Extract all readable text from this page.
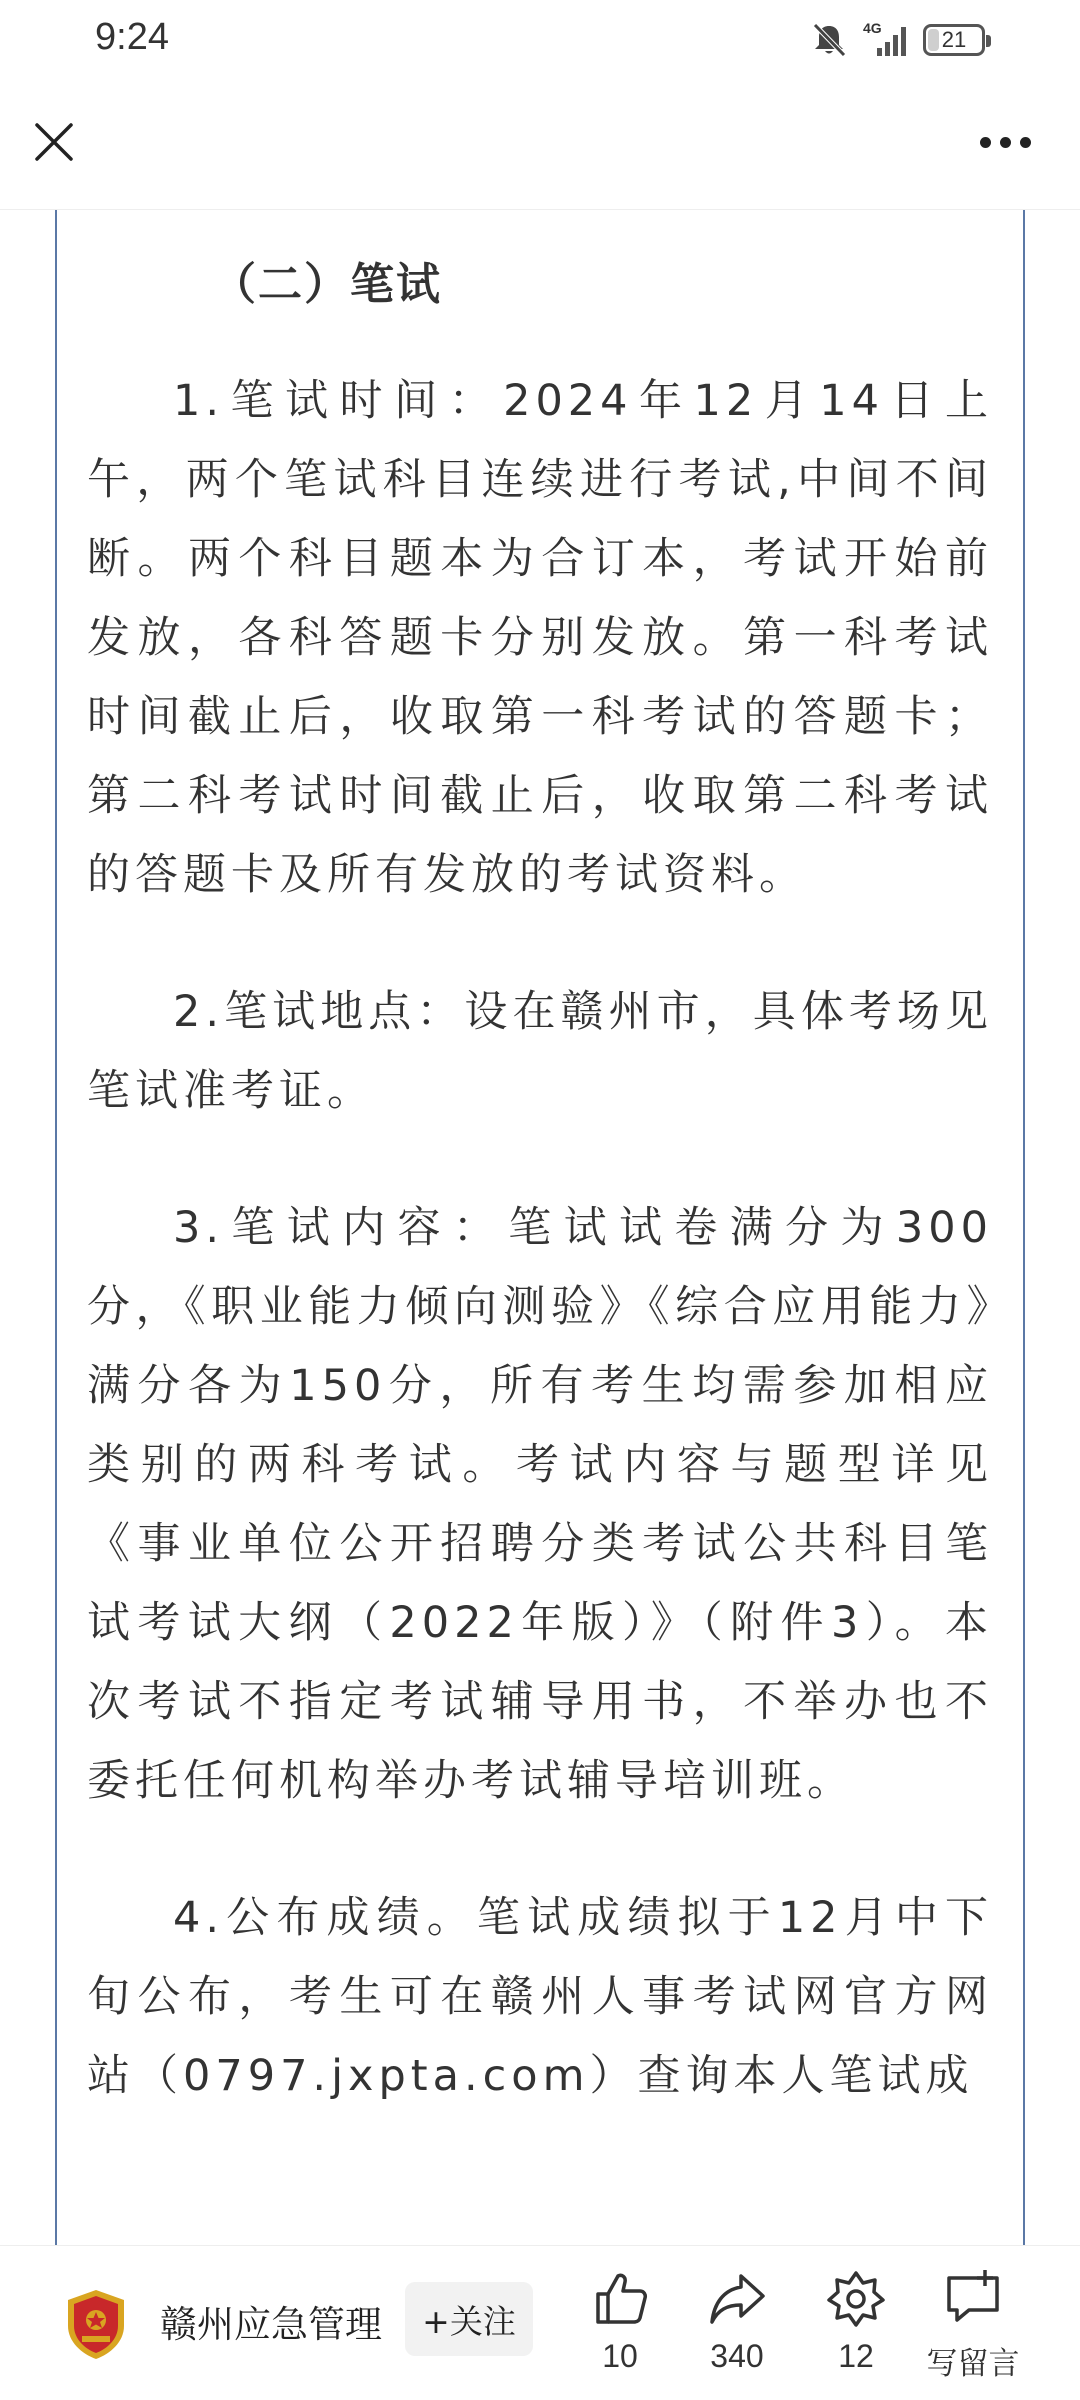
9:24	4G	21
（二）笔试

1.笔试时间：2024年12月14日上午，两个笔试科目连续进行考试,中间不间断。两个科目题本为合订本，考试开始前发放，各科答题卡分别发放。第一科考试时间截止后，收取第一科考试的答题卡；第二科考试时间截止后，收取第二科考试的答题卡及所有发放的考试资料。

2.笔试地点：设在赣州市，具体考场见笔试准考证。

3.笔试内容：笔试试卷满分为300分，《职业能力倾向测验》《综合应用能力》满分各为150分，所有考生均需参加相应类别的两科考试。考试内容与题型详见《事业单位公开招聘分类考试公共科目笔试考试大纲（2022年版）》（附件3）。本次考试不指定考试辅导用书，不举办也不委托任何机构举办考试辅导培训班。

4.公布成绩。笔试成绩拟于12月中下旬公布，考生可在赣州人事考试网官方网站（0797.jxpta.com）查询本人笔试成

赣州应急管理	+关注
10 340 12 写留言
